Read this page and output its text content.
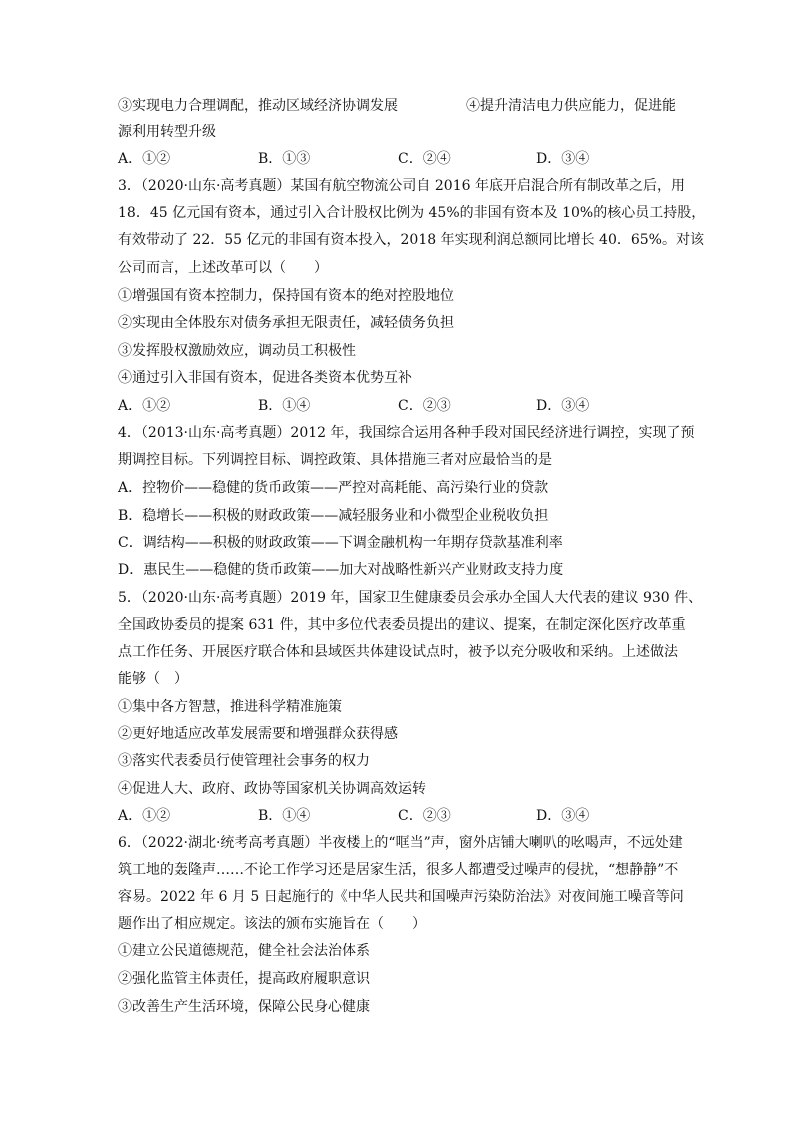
③实现电力合理调配，推动区域经济协调发展	④提升清洁电力供应能力，促进能
源利用转型升级
A．①②	B．①③	C．②④	D．③④
3．（2020·山东·高考真题）某国有航空物流公司自 2016 年底开启混合所有制改革之后，用
18．45 亿元国有资本，通过引入合计股权比例为 45%的非国有资本及 10%的核心员工持股，
有效带动了 22．55 亿元的非国有资本投入，2018 年实现利润总额同比增长 40．65%。对该
公司而言，上述改革可以（　　）
①增强国有资本控制力，保持国有资本的绝对控股地位
②实现由全体股东对债务承担无限责任，减轻债务负担
③发挥股权激励效应，调动员工积极性
④通过引入非国有资本，促进各类资本优势互补
A．①②	B．①④	C．②③	D．③④
4．（2013·山东·高考真题）2012 年，我国综合运用各种手段对国民经济进行调控，实现了预
期调控目标。下列调控目标、调控政策、具体措施三者对应最恰当的是
A．控物价——稳健的货币政策——严控对高耗能、高污染行业的贷款
B．稳增长——积极的财政政策——减轻服务业和小微型企业税收负担
C．调结构——积极的财政政策——下调金融机构一年期存贷款基准利率
D．惠民生——稳健的货币政策——加大对战略性新兴产业财政支持力度
5．（2020·山东·高考真题）2019 年，国家卫生健康委员会承办全国人大代表的建议 930 件、
全国政协委员的提案 631 件，其中多位代表委员提出的建议、提案，在制定深化医疗改革重
点工作任务、开展医疗联合体和县域医共体建设试点时，被予以充分吸收和采纳。上述做法
能够（　）
①集中各方智慧，推进科学精准施策
②更好地适应改革发展需要和增强群众获得感
③落实代表委员行使管理社会事务的权力
④促进人大、政府、政协等国家机关协调高效运转
A．①②	B．①④	C．②③	D．③④
6．（2022·湖北·统考高考真题）半夜楼上的“哐当”声，窗外店铺大喇叭的吆喝声，不远处建
筑工地的轰隆声……不论工作学习还是居家生活，很多人都遭受过噪声的侵扰，“想静静”不
容易。2022 年 6 月 5 日起施行的《中华人民共和国噪声污染防治法》对夜间施工噪音等问
题作出了相应规定。该法的颁布实施旨在（　　）
①建立公民道德规范，健全社会法治体系
②强化监管主体责任，提高政府履职意识
③改善生产生活环境，保障公民身心健康
